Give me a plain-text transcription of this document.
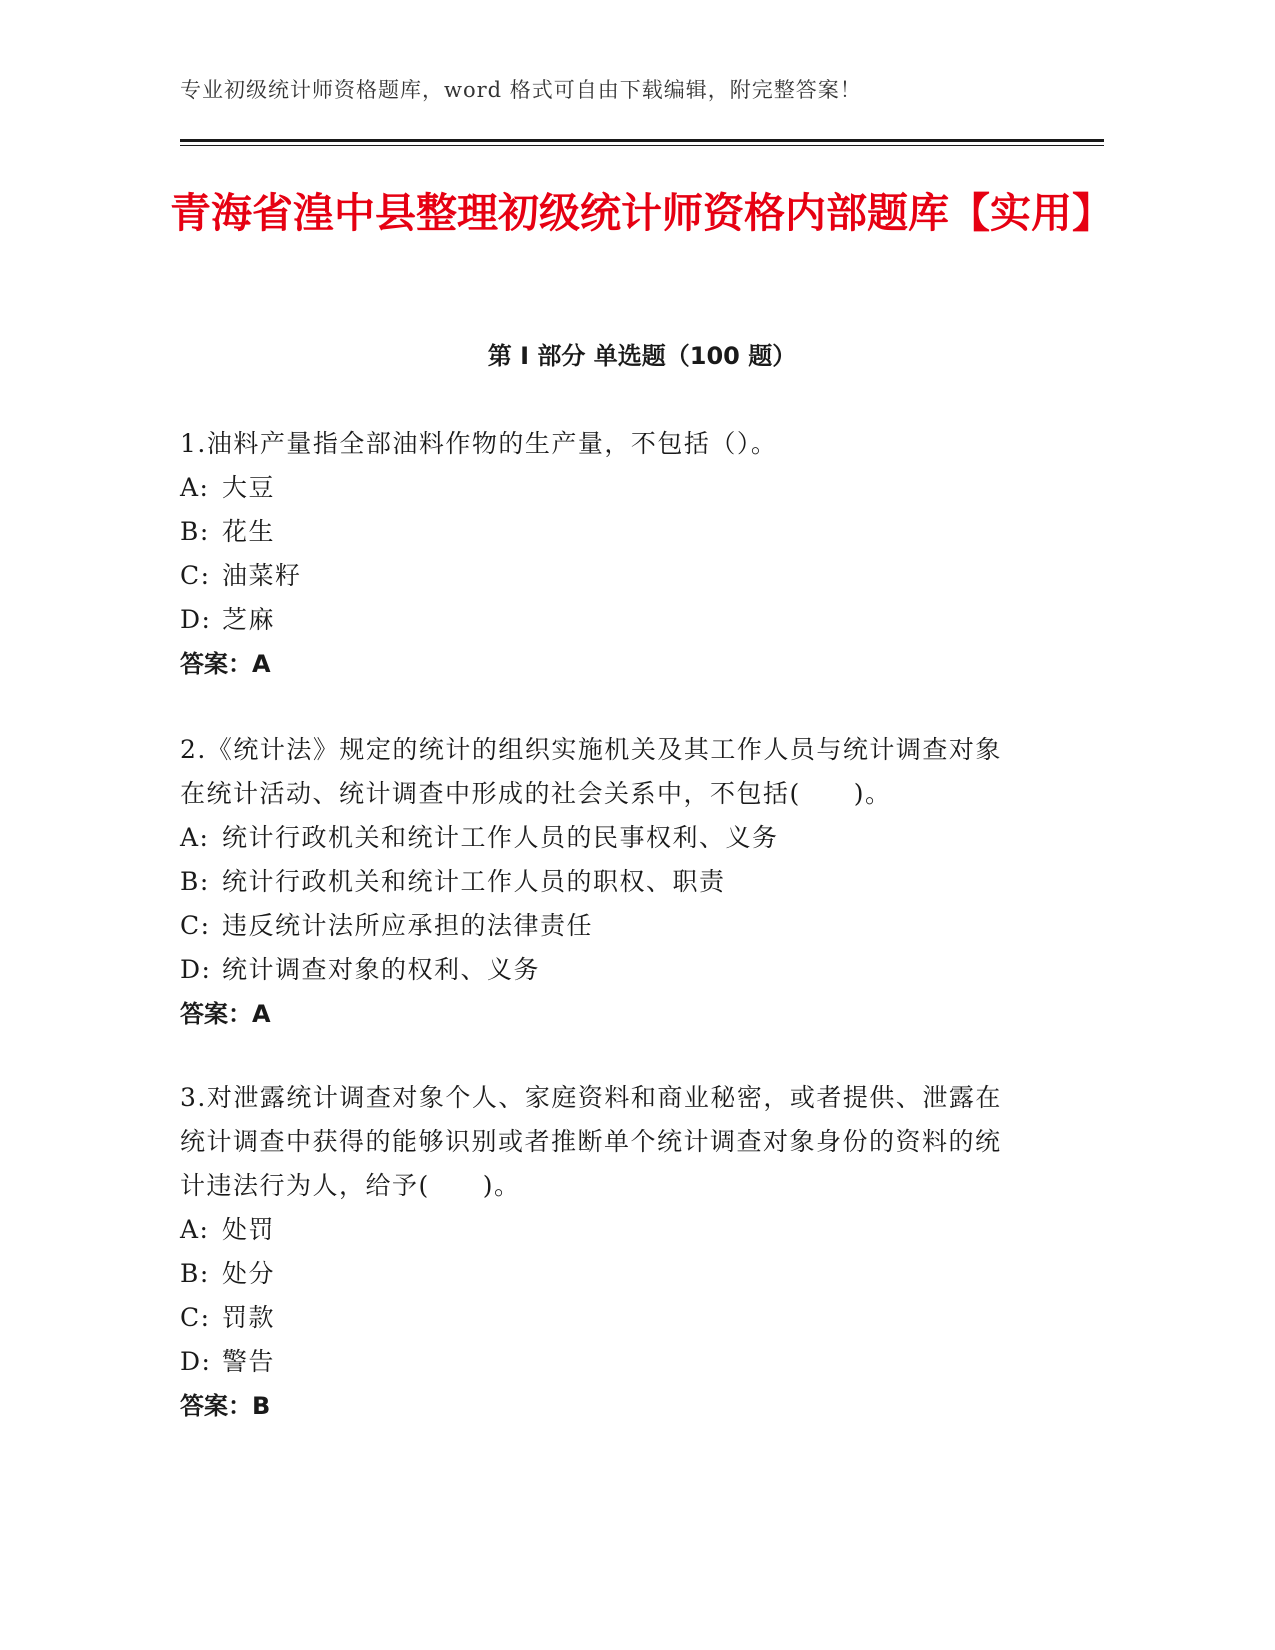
专业初级统计师资格题库，word 格式可自由下载编辑，附完整答案！
青海省湟中县整理初级统计师资格内部题库【实用】
第 I 部分 单选题（100 题）

1.油料产量指全部油料作物的生产量，不包括（）。

A: 大豆

B: 花生

C: 油菜籽

D: 芝麻

答案：A

2.《统计法》规定的统计的组织实施机关及其工作人员与统计调查对象在统计活动、统计调查中形成的社会关系中，不包括(　　)。

A: 统计行政机关和统计工作人员的民事权利、义务

B: 统计行政机关和统计工作人员的职权、职责

C: 违反统计法所应承担的法律责任

D: 统计调查对象的权利、义务

答案：A

3.对泄露统计调查对象个人、家庭资料和商业秘密，或者提供、泄露在统计调查中获得的能够识别或者推断单个统计调查对象身份的资料的统计违法行为人，给予(　　)。

A: 处罚

B: 处分

C: 罚款

D: 警告

答案：B
